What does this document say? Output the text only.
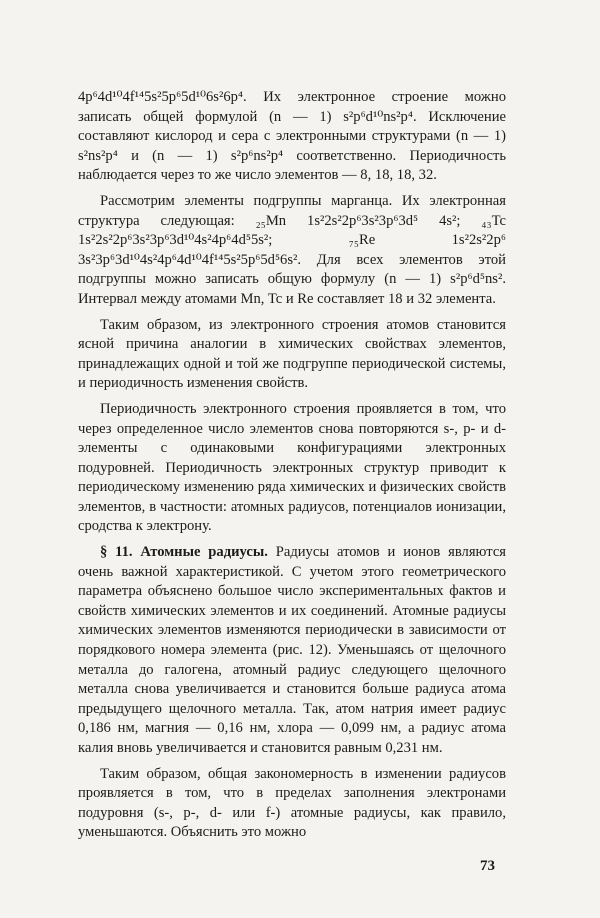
4p⁶4d¹⁰4f¹⁴5s²5p⁶5d¹⁰6s²6p⁴. Их электронное строение можно записать общей формулой (n — 1) s²p⁶d¹⁰ns²p⁴. Исключение составляют кислород и сера с электронными структурами (n — 1) s²ns²p⁴ и (n — 1) s²p⁶ns²p⁴ соответственно. Периодичность наблюдается через то же число элементов — 8, 18, 18, 32.

Рассмотрим элементы подгруппы марганца. Их электронная структура следующая: ₂₅Mn 1s²2s²2p⁶3s²3p⁶3d⁵ 4s²; ₄₃Tc 1s²2s²2p⁶3s²3p⁶3d¹⁰4s²4p⁶4d⁵5s²; ₇₅Re 1s²2s²2p⁶ 3s²3p⁶3d¹⁰4s²4p⁶4d¹⁰4f¹⁴5s²5p⁶5d⁵6s². Для всех элементов этой подгруппы можно записать общую формулу (n — 1) s²p⁶d⁵ns². Интервал между атомами Mn, Tc и Re составляет 18 и 32 элемента.

Таким образом, из электронного строения атомов становится ясной причина аналогии в химических свойствах элементов, принадлежащих одной и той же подгруппе периодической системы, и периодичность изменения свойств.

Периодичность электронного строения проявляется в том, что через определенное число элементов снова повторяются s-, p- и d-элементы с одинаковыми конфигурациями электронных подуровней. Периодичность электронных структур приводит к периодическому изменению ряда химических и физических свойств элементов, в частности: атомных радиусов, потенциалов ионизации, сродства к электрону.

§ 11. Атомные радиусы. Радиусы атомов и ионов являются очень важной характеристикой. С учетом этого геометрического параметра объяснено большое число экспериментальных фактов и свойств химических элементов и их соединений. Атомные радиусы химических элементов изменяются периодически в зависимости от порядкового номера элемента (рис. 12). Уменьшаясь от щелочного металла до галогена, атомный радиус следующего щелочного металла снова увеличивается и становится больше радиуса атома предыдущего щелочного металла. Так, атом натрия имеет радиус 0,186 нм, магния — 0,16 нм, хлора — 0,099 нм, а радиус атома калия вновь увеличивается и становится равным 0,231 нм.

Таким образом, общая закономерность в изменении радиусов проявляется в том, что в пределах заполнения электронами подуровня (s-, p-, d- или f-) атомные радиусы, как правило, уменьшаются. Объяснить это можно

73
